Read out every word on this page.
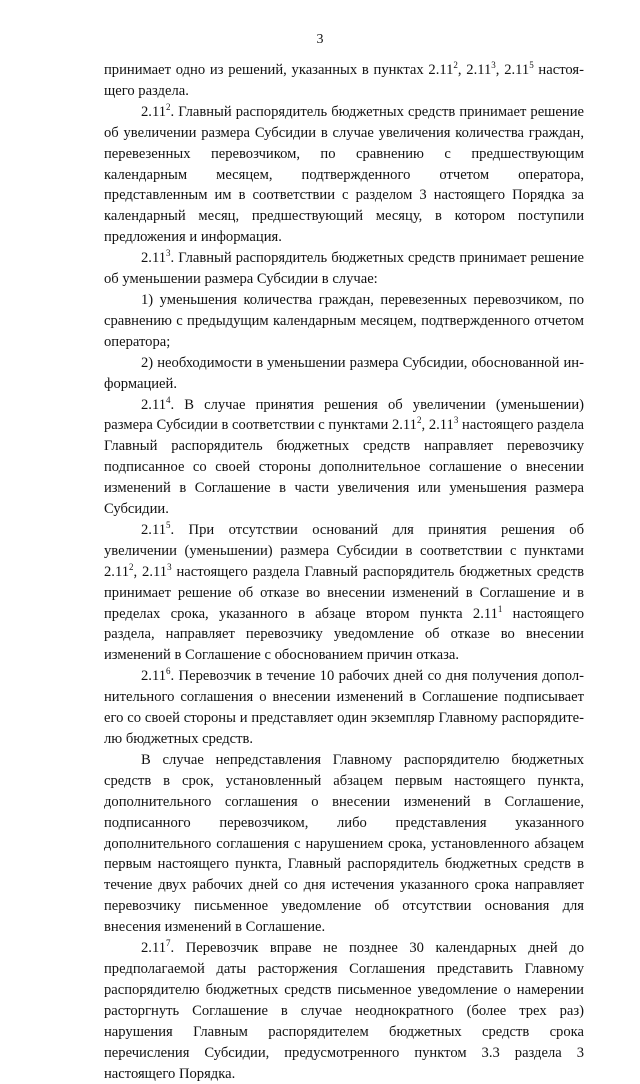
3

принимает одно из решений, указанных в пунктах 2.11$^2$, 2.11$^3$, 2.11$^5$ настоящего раздела.

2.11$^2$. Главный распорядитель бюджетных средств принимает решение об увеличении размера Субсидии в случае увеличения количества граждан, перевезенных перевозчиком, по сравнению с предшествующим календарным месяцем, подтвержденного отчетом оператора, представленным им в соответствии с разделом 3 настоящего Порядка за календарный месяц, предшествующий месяцу, в котором поступили предложения и информация.

2.11$^3$. Главный распорядитель бюджетных средств принимает решение об уменьшении размера Субсидии в случае:

1) уменьшения количества граждан, перевезенных перевозчиком, по сравнению с предыдущим календарным месяцем, подтвержденного отчетом оператора;

2) необходимости в уменьшении размера Субсидии, обоснованной информацией.

2.11$^4$. В случае принятия решения об увеличении (уменьшении) размера Субсидии в соответствии с пунктами 2.11$^2$, 2.11$^3$ настоящего раздела Главный распорядитель бюджетных средств направляет перевозчику подписанное со своей стороны дополнительное соглашение о внесении изменений в Соглашение в части увеличения или уменьшения размера Субсидии.

2.11$^5$. При отсутствии оснований для принятия решения об увеличении (уменьшении) размера Субсидии в соответствии с пунктами 2.11$^2$, 2.11$^3$ настоящего раздела Главный распорядитель бюджетных средств принимает решение об отказе во внесении изменений в Соглашение и в пределах срока, указанного в абзаце втором пункта 2.11$^1$ настоящего раздела, направляет перевозчику уведомление об отказе во внесении изменений в Соглашение с обоснованием причин отказа.

2.11$^6$. Перевозчик в течение 10 рабочих дней со дня получения дополнительного соглашения о внесении изменений в Соглашение подписывает его со своей стороны и представляет один экземпляр Главному распорядителю бюджетных средств.

В случае непредставления Главному распорядителю бюджетных средств в срок, установленный абзацем первым настоящего пункта, дополнительного соглашения о внесении изменений в Соглашение, подписанного перевозчиком, либо представления указанного дополнительного соглашения с нарушением срока, установленного абзацем первым настоящего пункта, Главный распорядитель бюджетных средств в течение двух рабочих дней со дня истечения указанного срока направляет перевозчику письменное уведомление об отсутствии основания для внесения изменений в Соглашение.

2.11$^7$. Перевозчик вправе не позднее 30 календарных дней до предполагаемой даты расторжения Соглашения представить Главному распорядителю бюджетных средств письменное уведомление о намерении расторгнуть Соглашение в случае неоднократного (более трех раз) нарушения Главным распорядителем бюджетных средств срока перечисления Субсидии, предусмотренного пунктом 3.3 раздела 3 настоящего Порядка.
